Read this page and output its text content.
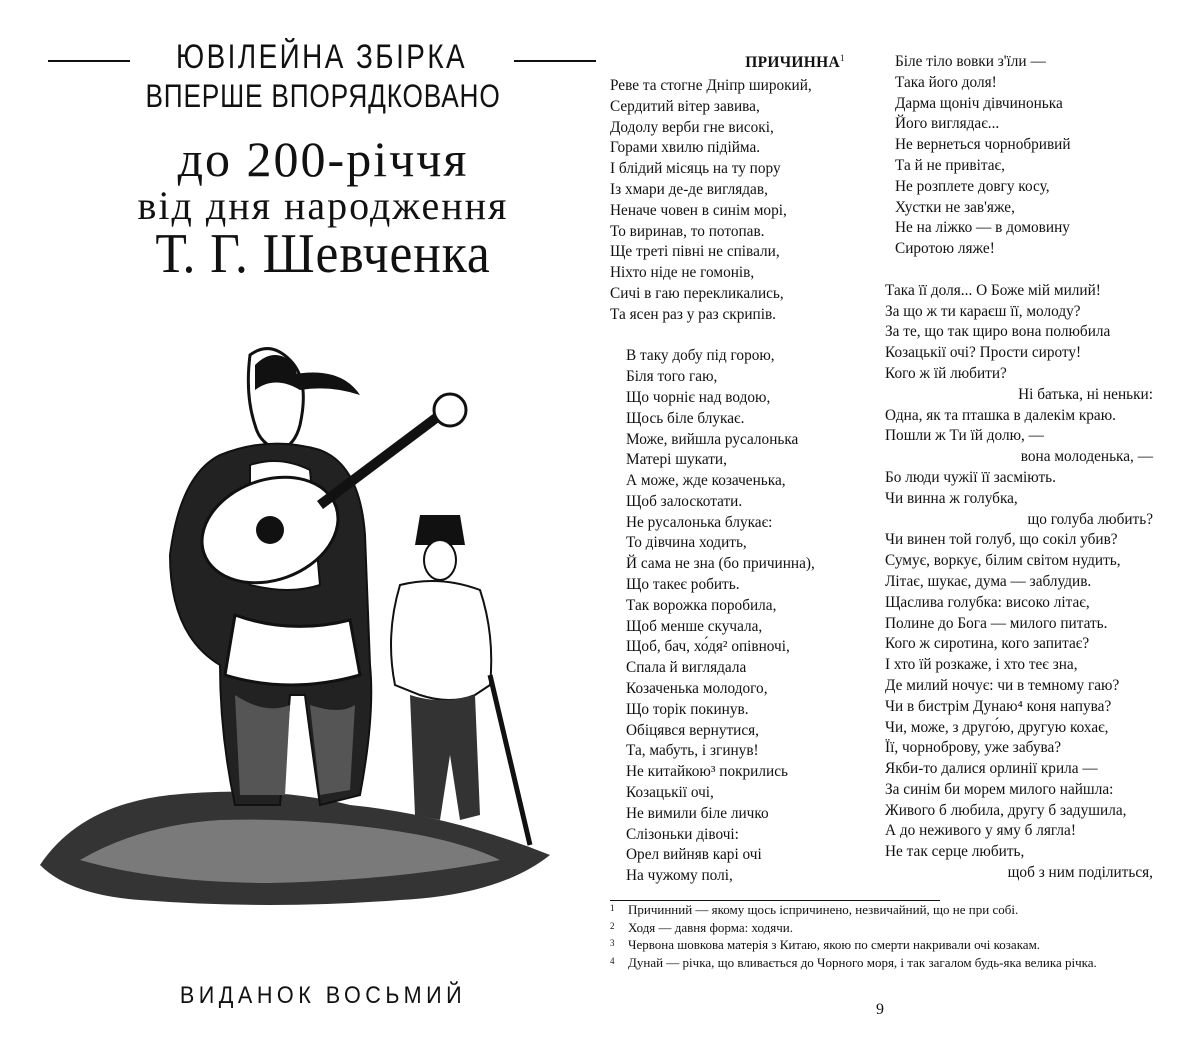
ЮВІЛЕЙНА ЗБІРКА
ВПЕРШЕ ВПОРЯДКОВАНО
до 200-річчя
від дня народження
Т. Г. Шевченка
ВИДАНОК ВОСЬМИЙ
ПРИЧИННА$^1$
Реве та стогне Дніпр широкий,
Сердитий вітер завива,
Додолу верби гне високі,
Горами хвилю підійма.
І блідий місяць на ту пору
Із хмари де-де виглядав,
Неначе човен в синім морі,
То виринав, то потопав.
Ще треті півні не співали,
Ніхто ніде не гомонів,
Сичі в гаю перекликались,
Та ясен раз у раз скрипів.
В таку добу під горою,
Біля того гаю,
Що чорніє над водою,
Щось біле блукає.
Може, вийшла русалонька
Матері шукати,
А може, жде козаченька,
Щоб залоскотати.
Не русалонька блукає:
То дівчина ходить,
Й сама не зна (бо причинна),
Що такеє робить.
Так ворожка поробила,
Щоб менше скучала,
Щоб, бач, хо́дя² опівночі,
Спала й виглядала
Козаченька молодого,
Що торік покинув.
Обіцявся вернутися,
Та, мабуть, і згинув!
Не китайкою³ покрились
Козацькії очі,
Не вимили біле личко
Слізоньки дівочі:
Орел вийняв карі очі
На чужому полі,
Біле тіло вовки з'їли —
Така його доля!
Дарма щоніч дівчинонька
Його виглядає...
Не вернеться чорнобривий
Та й не привітає,
Не розплете довгу косу,
Хустки не зав'яже,
Не на ліжко — в домовину
Сиротою ляже!
Така її доля... О Боже мій милий!
За що ж ти караєш її, молоду?
За те, що так щиро вона полюбила
Козацькії очі? Прости сироту!
Кого ж їй любити?
Ні батька, ні неньки:
Одна, як та пташка в далекім краю.
Пошли ж Ти їй долю, —
вона молоденька, —
Бо люди чужії її засміють.
Чи винна ж голубка,
що голуба любить?
Чи винен той голуб, що сокіл убив?
Сумує, воркує, білим світом нудить,
Літає, шукає, дума — заблудив.
Щаслива голубка: високо літає,
Полине до Бога — милого питать.
Кого ж сиротина, кого запитає?
І хто їй розкаже, і хто теє зна,
Де милий ночує: чи в темному гаю?
Чи в бистрім Дунаю⁴ коня напува?
Чи, може, з друго́ю, другую кохає,
Її, чорноброву, уже забува?
Якби-то далися орлинії крила —
За синім би морем милого найшла:
Живого б любила, другу б задушила,
А до неживого у яму б лягла!
Не так серце любить,
щоб з ним поділиться,
1	Причинний — якому щось іспричинено, незвичайний, що не при собі.
2	Ходя — давня форма: ходячи.
3	Червона шовкова матерія з Китаю, якою по смерти накривали очі козакам.
4	Дунай — річка, що вливається до Чорного моря, і так загалом будь-яка велика річка.
9
